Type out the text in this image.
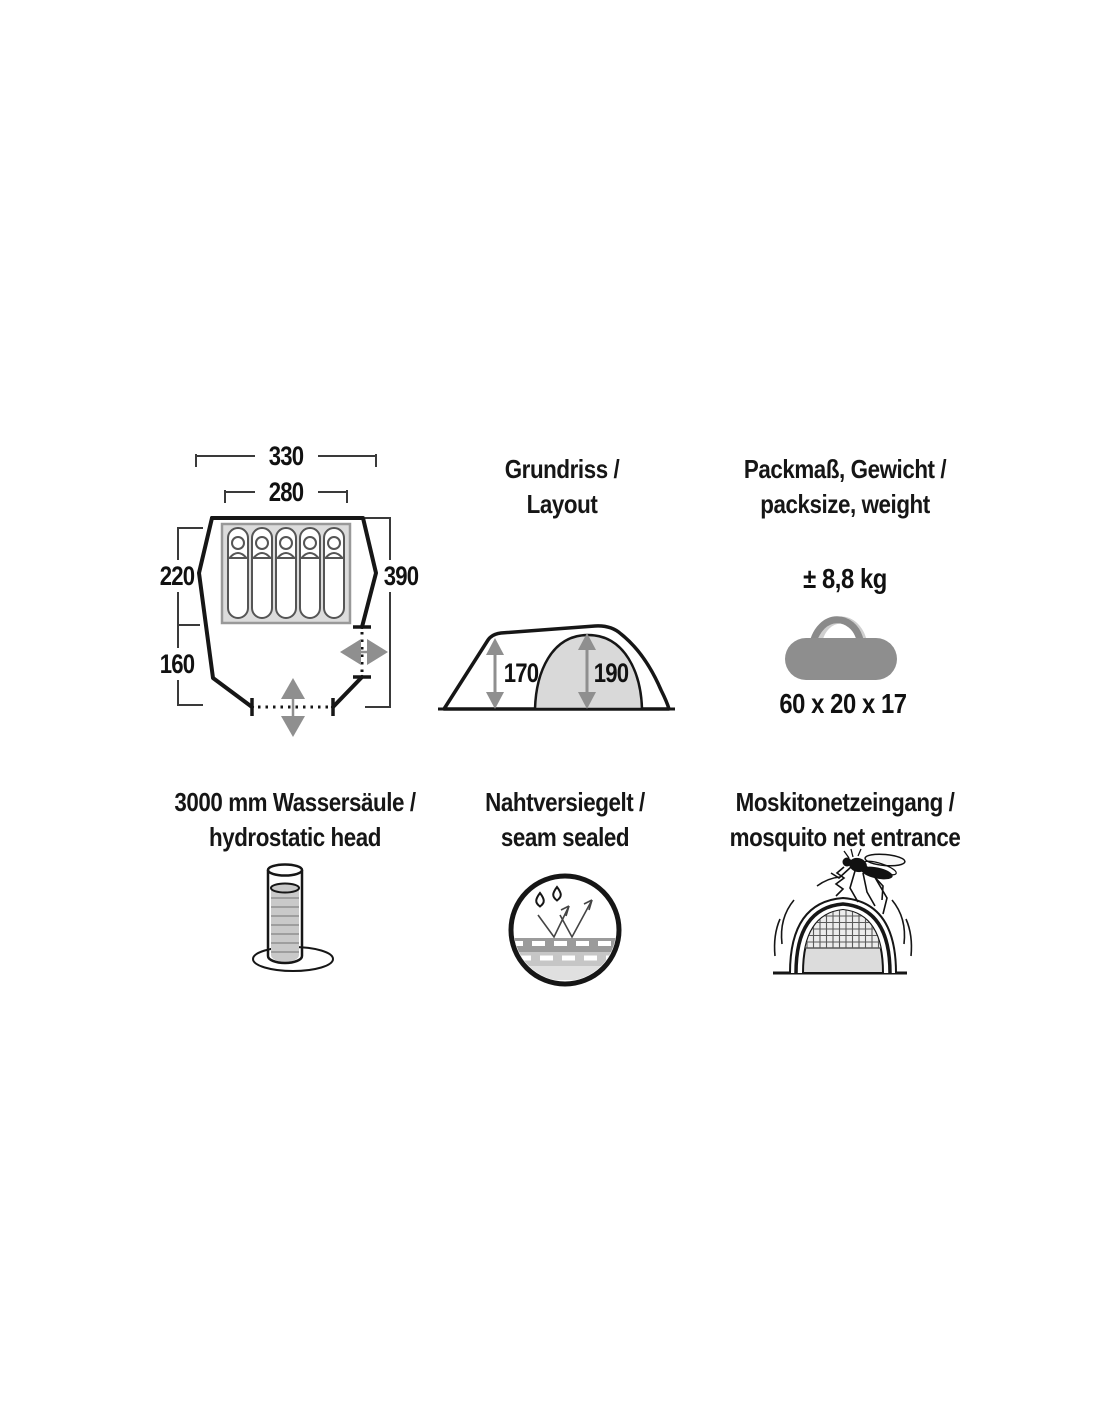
330
280
220
160
390
Grundriss /
Layout
170	190
Packmaß, Gewicht /
packsize, weight
± 8,8 kg
60 x 20 x 17
3000 mm Wassersäule /
hydrostatic head
Nahtversiegelt /
seam sealed
Moskitonetzeingang /
mosquito net entrance
